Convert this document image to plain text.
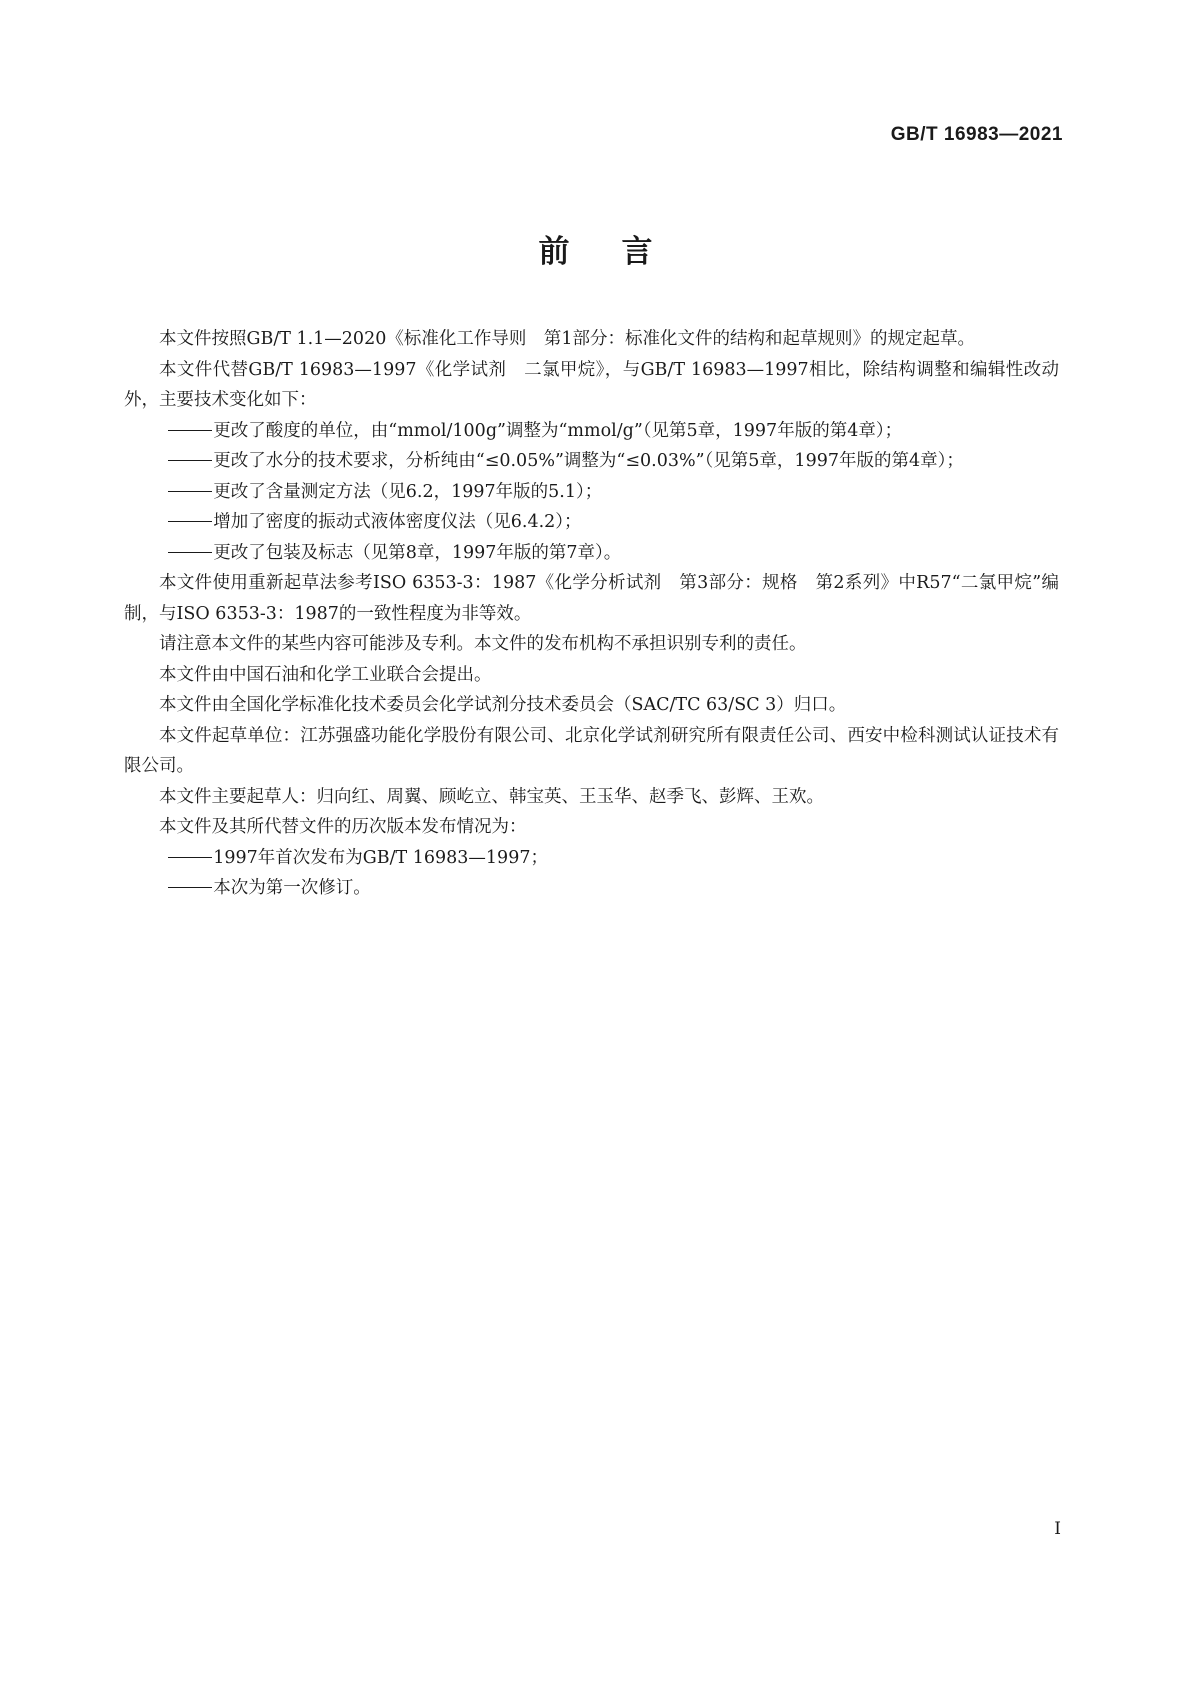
GB/T 16983—2021
前言

本文件按照GB/T 1.1—2020《标准化工作导则　第1部分：标准化文件的结构和起草规则》的规定起草。

本文件代替GB/T 16983—1997《化学试剂　二氯甲烷》，与GB/T 16983—1997相比，除结构调整和编辑性改动外，主要技术变化如下：

更改了酸度的单位，由“mmol/100g”调整为“mmol/g”（见第5章，1997年版的第4章）；

更改了水分的技术要求，分析纯由“≤0.05%”调整为“≤0.03%”（见第5章，1997年版的第4章）；

更改了含量测定方法（见6.2，1997年版的5.1）；

增加了密度的振动式液体密度仪法（见6.4.2）；

更改了包装及标志（见第8章，1997年版的第7章）。

本文件使用重新起草法参考ISO 6353-3：1987《化学分析试剂　第3部分：规格　第2系列》中R57“二氯甲烷”编制，与ISO 6353-3：1987的一致性程度为非等效。

请注意本文件的某些内容可能涉及专利。本文件的发布机构不承担识别专利的责任。

本文件由中国石油和化学工业联合会提出。

本文件由全国化学标准化技术委员会化学试剂分技术委员会（SAC/TC 63/SC 3）归口。

本文件起草单位：江苏强盛功能化学股份有限公司、北京化学试剂研究所有限责任公司、西安中检科测试认证技术有限公司。

本文件主要起草人：归向红、周翼、顾屹立、韩宝英、王玉华、赵季飞、彭辉、王欢。

本文件及其所代替文件的历次版本发布情况为：

1997年首次发布为GB/T 16983—1997；

本次为第一次修订。

I
